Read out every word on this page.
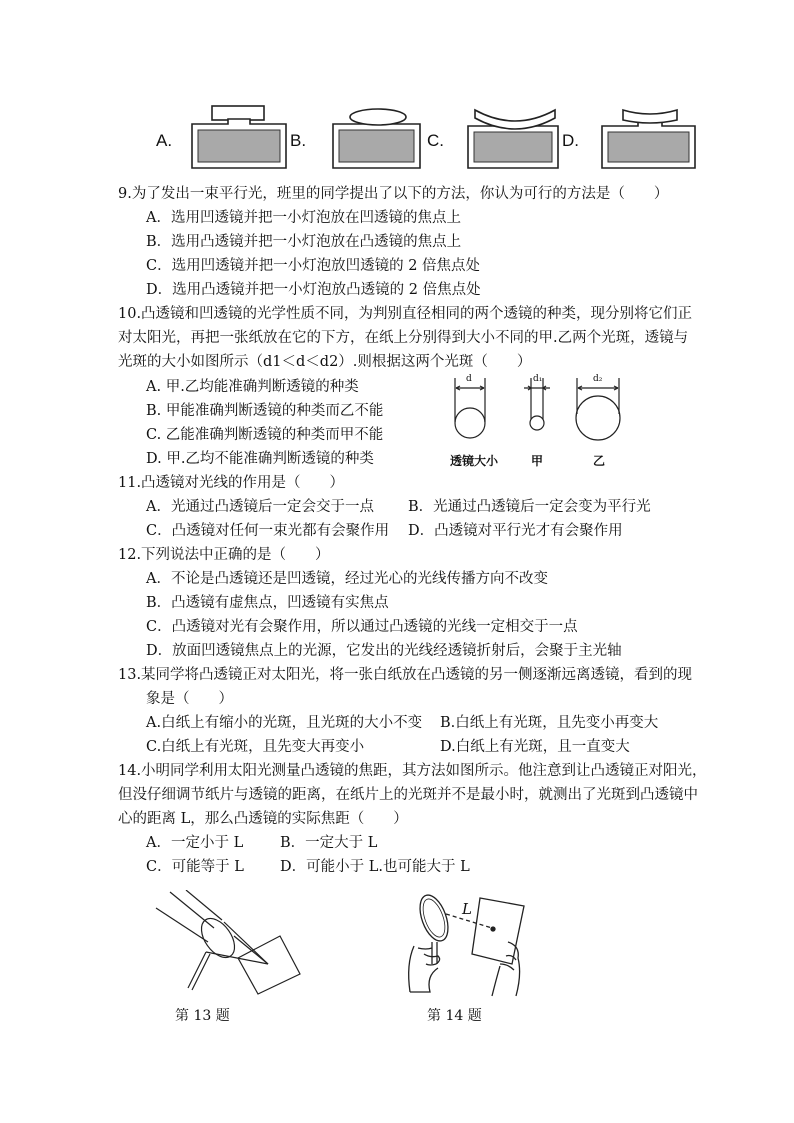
A.	B.	C.	D.
9.为了发出一束平行光，班里的同学提出了以下的方法，你认为可行的方法是（　　）
A．选用凹透镜并把一小灯泡放在凹透镜的焦点上
B．选用凸透镜并把一小灯泡放在凸透镜的焦点上
C．选用凹透镜并把一小灯泡放凹透镜的 2 倍焦点处
D．选用凸透镜并把一小灯泡放凸透镜的 2 倍焦点处
10.凸透镜和凹透镜的光学性质不同，为判别直径相同的两个透镜的种类，现分别将它们正
对太阳光，再把一张纸放在它的下方，在纸上分别得到大小不同的甲.乙两个光斑，透镜与
光斑的大小如图所示（d1＜d＜d2）.则根据这两个光斑（　　）
A. 甲.乙均能准确判断透镜的种类
B. 甲能准确判断透镜的种类而乙不能
C. 乙能准确判断透镜的种类而甲不能
D. 甲.乙均不能准确判断透镜的种类
d	d₁	d₂
透镜大小	甲	乙
11.凸透镜对光线的作用是（　　）
A．光通过凸透镜后一定会交于一点 B．光通过凸透镜后一定会变为平行光
C．凸透镜对任何一束光都有会聚作用 D．凸透镜对平行光才有会聚作用
12.下列说法中正确的是（　　）
A．不论是凸透镜还是凹透镜，经过光心的光线传播方向不改变
B．凸透镜有虚焦点，凹透镜有实焦点
C．凸透镜对光有会聚作用，所以通过凸透镜的光线一定相交于一点
D．放面凹透镜焦点上的光源，它发出的光线经透镜折射后，会聚于主光轴
13.某同学将凸透镜正对太阳光，将一张白纸放在凸透镜的另一侧逐渐远离透镜，看到的现
象是（　　）
A.白纸上有缩小的光斑，且光斑的大小不变 B.白纸上有光斑，且先变小再变大
C.白纸上有光斑，且先变大再变小	D.白纸上有光斑，且一直变大
14.小明同学利用太阳光测量凸透镜的焦距，其方法如图所示。他注意到让凸透镜正对阳光，
但没仔细调节纸片与透镜的距离，在纸片上的光斑并不是最小时，就测出了光斑到凸透镜中
心的距离 L，那么凸透镜的实际焦距（　　）
A．一定小于 L	B．一定大于 L
C．可能等于 L D．可能小于 L.也可能大于 L
第 13 题
L
第 14 题
